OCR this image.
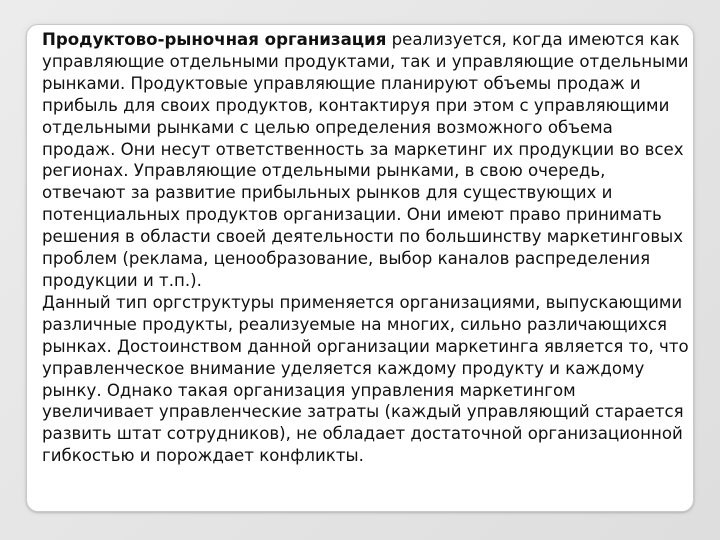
Продуктово-рыночная организация реализуется, когда имеются как управляющие отдельными продуктами, так и управляющие отдельными рынками. Продуктовые управляющие планируют объемы продаж и прибыль для своих продуктов, контактируя при этом с управляющими отдельными рынками с целью определения возможного объема продаж. Они несут ответственность за маркетинг их продукции во всех регионах. Управляющие отдельными рынками, в свою очередь, отвечают за развитие прибыльных рынков для существующих и потенциальных продуктов организации. Они имеют право принимать решения в области своей деятельности по большинству маркетинговых проблем (реклама, ценообразование, выбор каналов распределения продукции и т.п.).

Данный тип оргструктуры применяется организациями, выпускающими различные продукты, реализуемые на многих, сильно различающихся рынках. Достоинством данной организации маркетинга является то, что управленческое внимание уделяется каждому продукту и каждому рынку. Однако такая организация управления маркетингом увеличивает управленческие затраты (каждый управляющий старается развить штат сотрудников), не обладает достаточной организационной гибкостью и порождает конфликты.
